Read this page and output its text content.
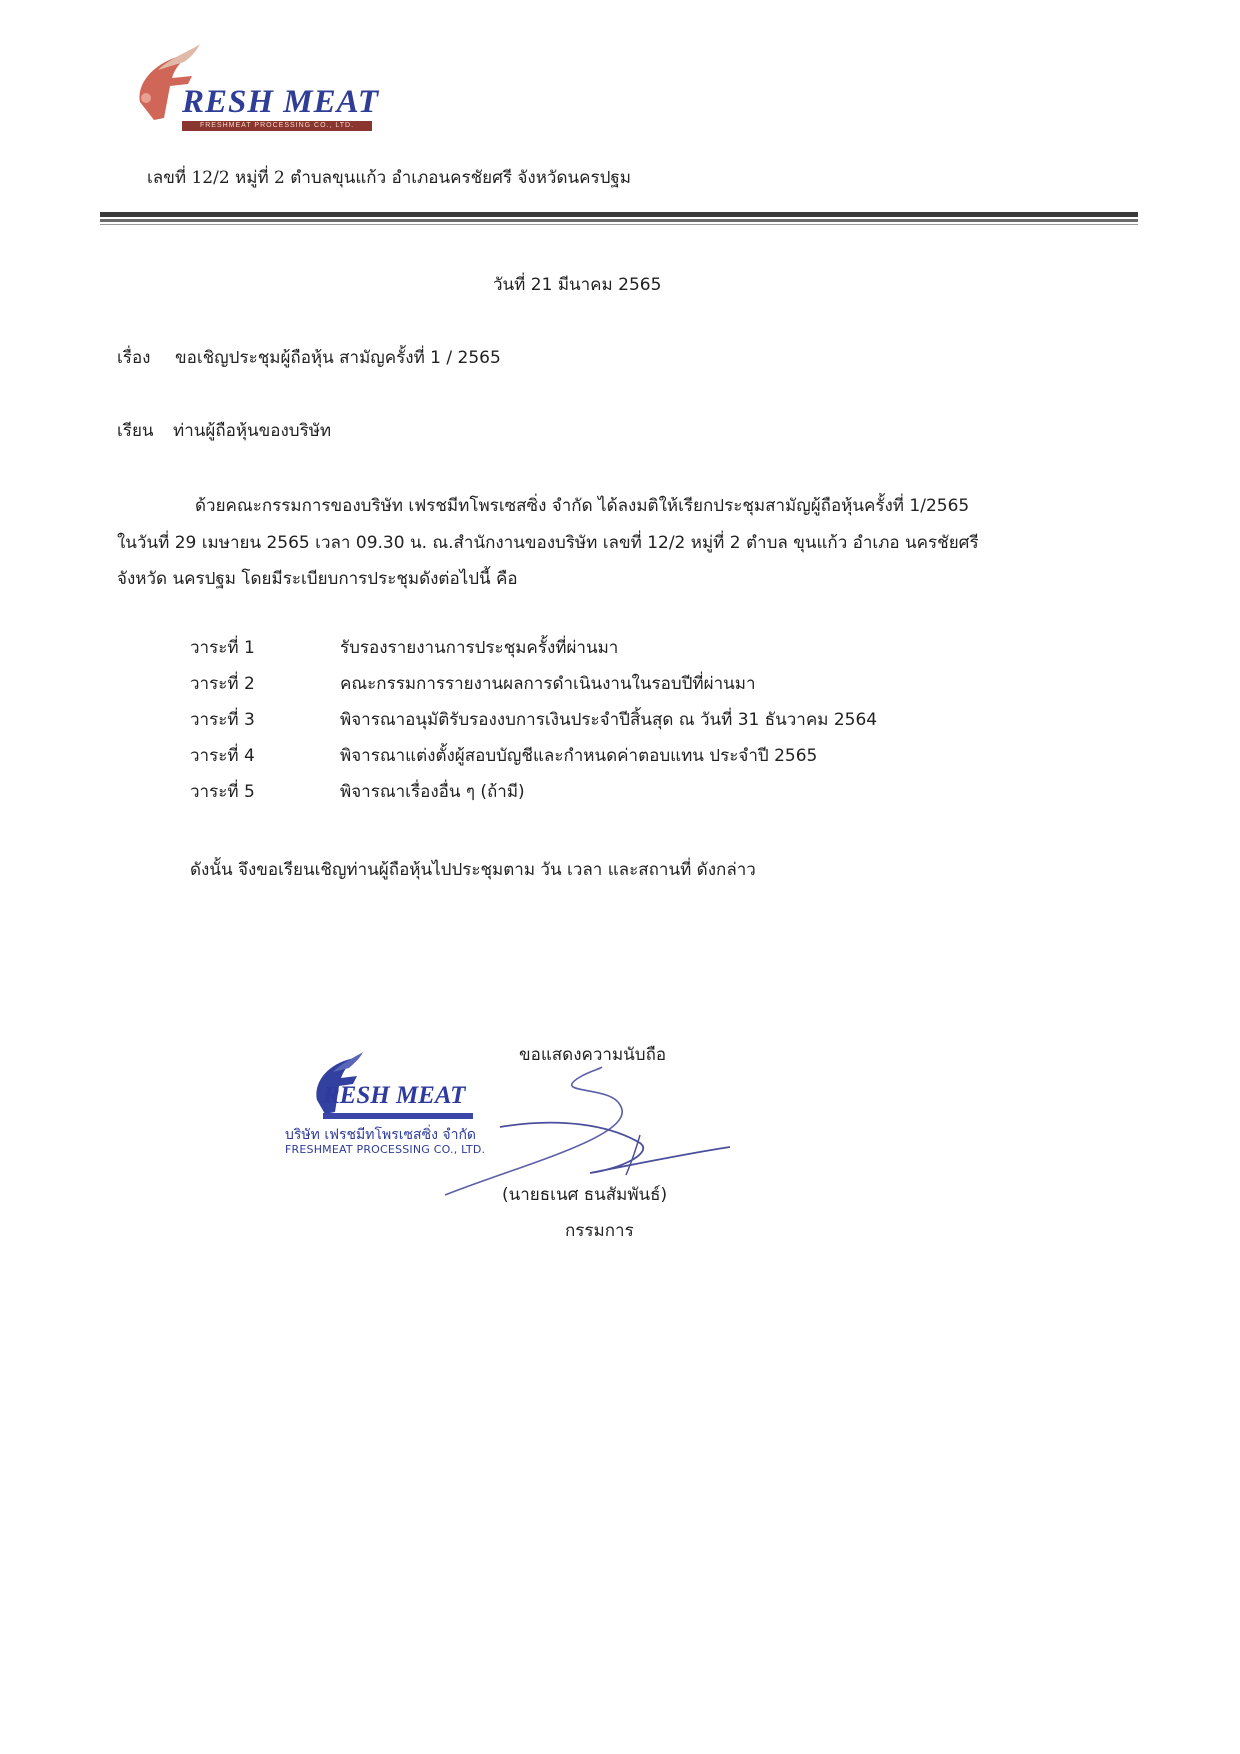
RESH MEAT
FRESHMEAT PROCESSING CO., LTD.
เลขที่ 12/2 หมู่ที่ 2 ตำบลขุนแก้ว อำเภอนครชัยศรี จังหวัดนครปฐม
วันที่ 21 มีนาคม 2565
เรื่อง ขอเชิญประชุมผู้ถือหุ้น สามัญครั้งที่ 1 / 2565
เรียน ท่านผู้ถือหุ้นของบริษัท
ด้วยคณะกรรมการของบริษัท เฟรชมีทโพรเซสซิ่ง จำกัด ได้ลงมติให้เรียกประชุมสามัญผู้ถือหุ้นครั้งที่ 1/2565
ในวันที่ 29 เมษายน 2565 เวลา 09.30 น. ณ.สำนักงานของบริษัท เลขที่ 12/2 หมู่ที่ 2 ตำบล ขุนแก้ว อำเภอ นครชัยศรี
จังหวัด นครปฐม โดยมีระเบียบการประชุมดังต่อไปนี้ คือ
วาระที่ 1	รับรองรายงานการประชุมครั้งที่ผ่านมา
วาระที่ 2	คณะกรรมการรายงานผลการดำเนินงานในรอบปีที่ผ่านมา
วาระที่ 3	พิจารณาอนุมัติรับรองงบการเงินประจำปีสิ้นสุด ณ วันที่ 31 ธันวาคม 2564
วาระที่ 4	พิจารณาแต่งตั้งผู้สอบบัญชีและกำหนดค่าตอบแทน ประจำปี 2565
วาระที่ 5	พิจารณาเรื่องอื่น ๆ (ถ้ามี)
ดังนั้น จึงขอเรียนเชิญท่านผู้ถือหุ้นไปประชุมตาม วัน เวลา และสถานที่ ดังกล่าว
ขอแสดงความนับถือ
RESH MEAT
บริษัท เฟรชมีทโพรเซสซิ่ง จำกัด
FRESHMEAT PROCESSING CO., LTD.
(นายธเนศ ธนสัมพันธ์)
กรรมการ
